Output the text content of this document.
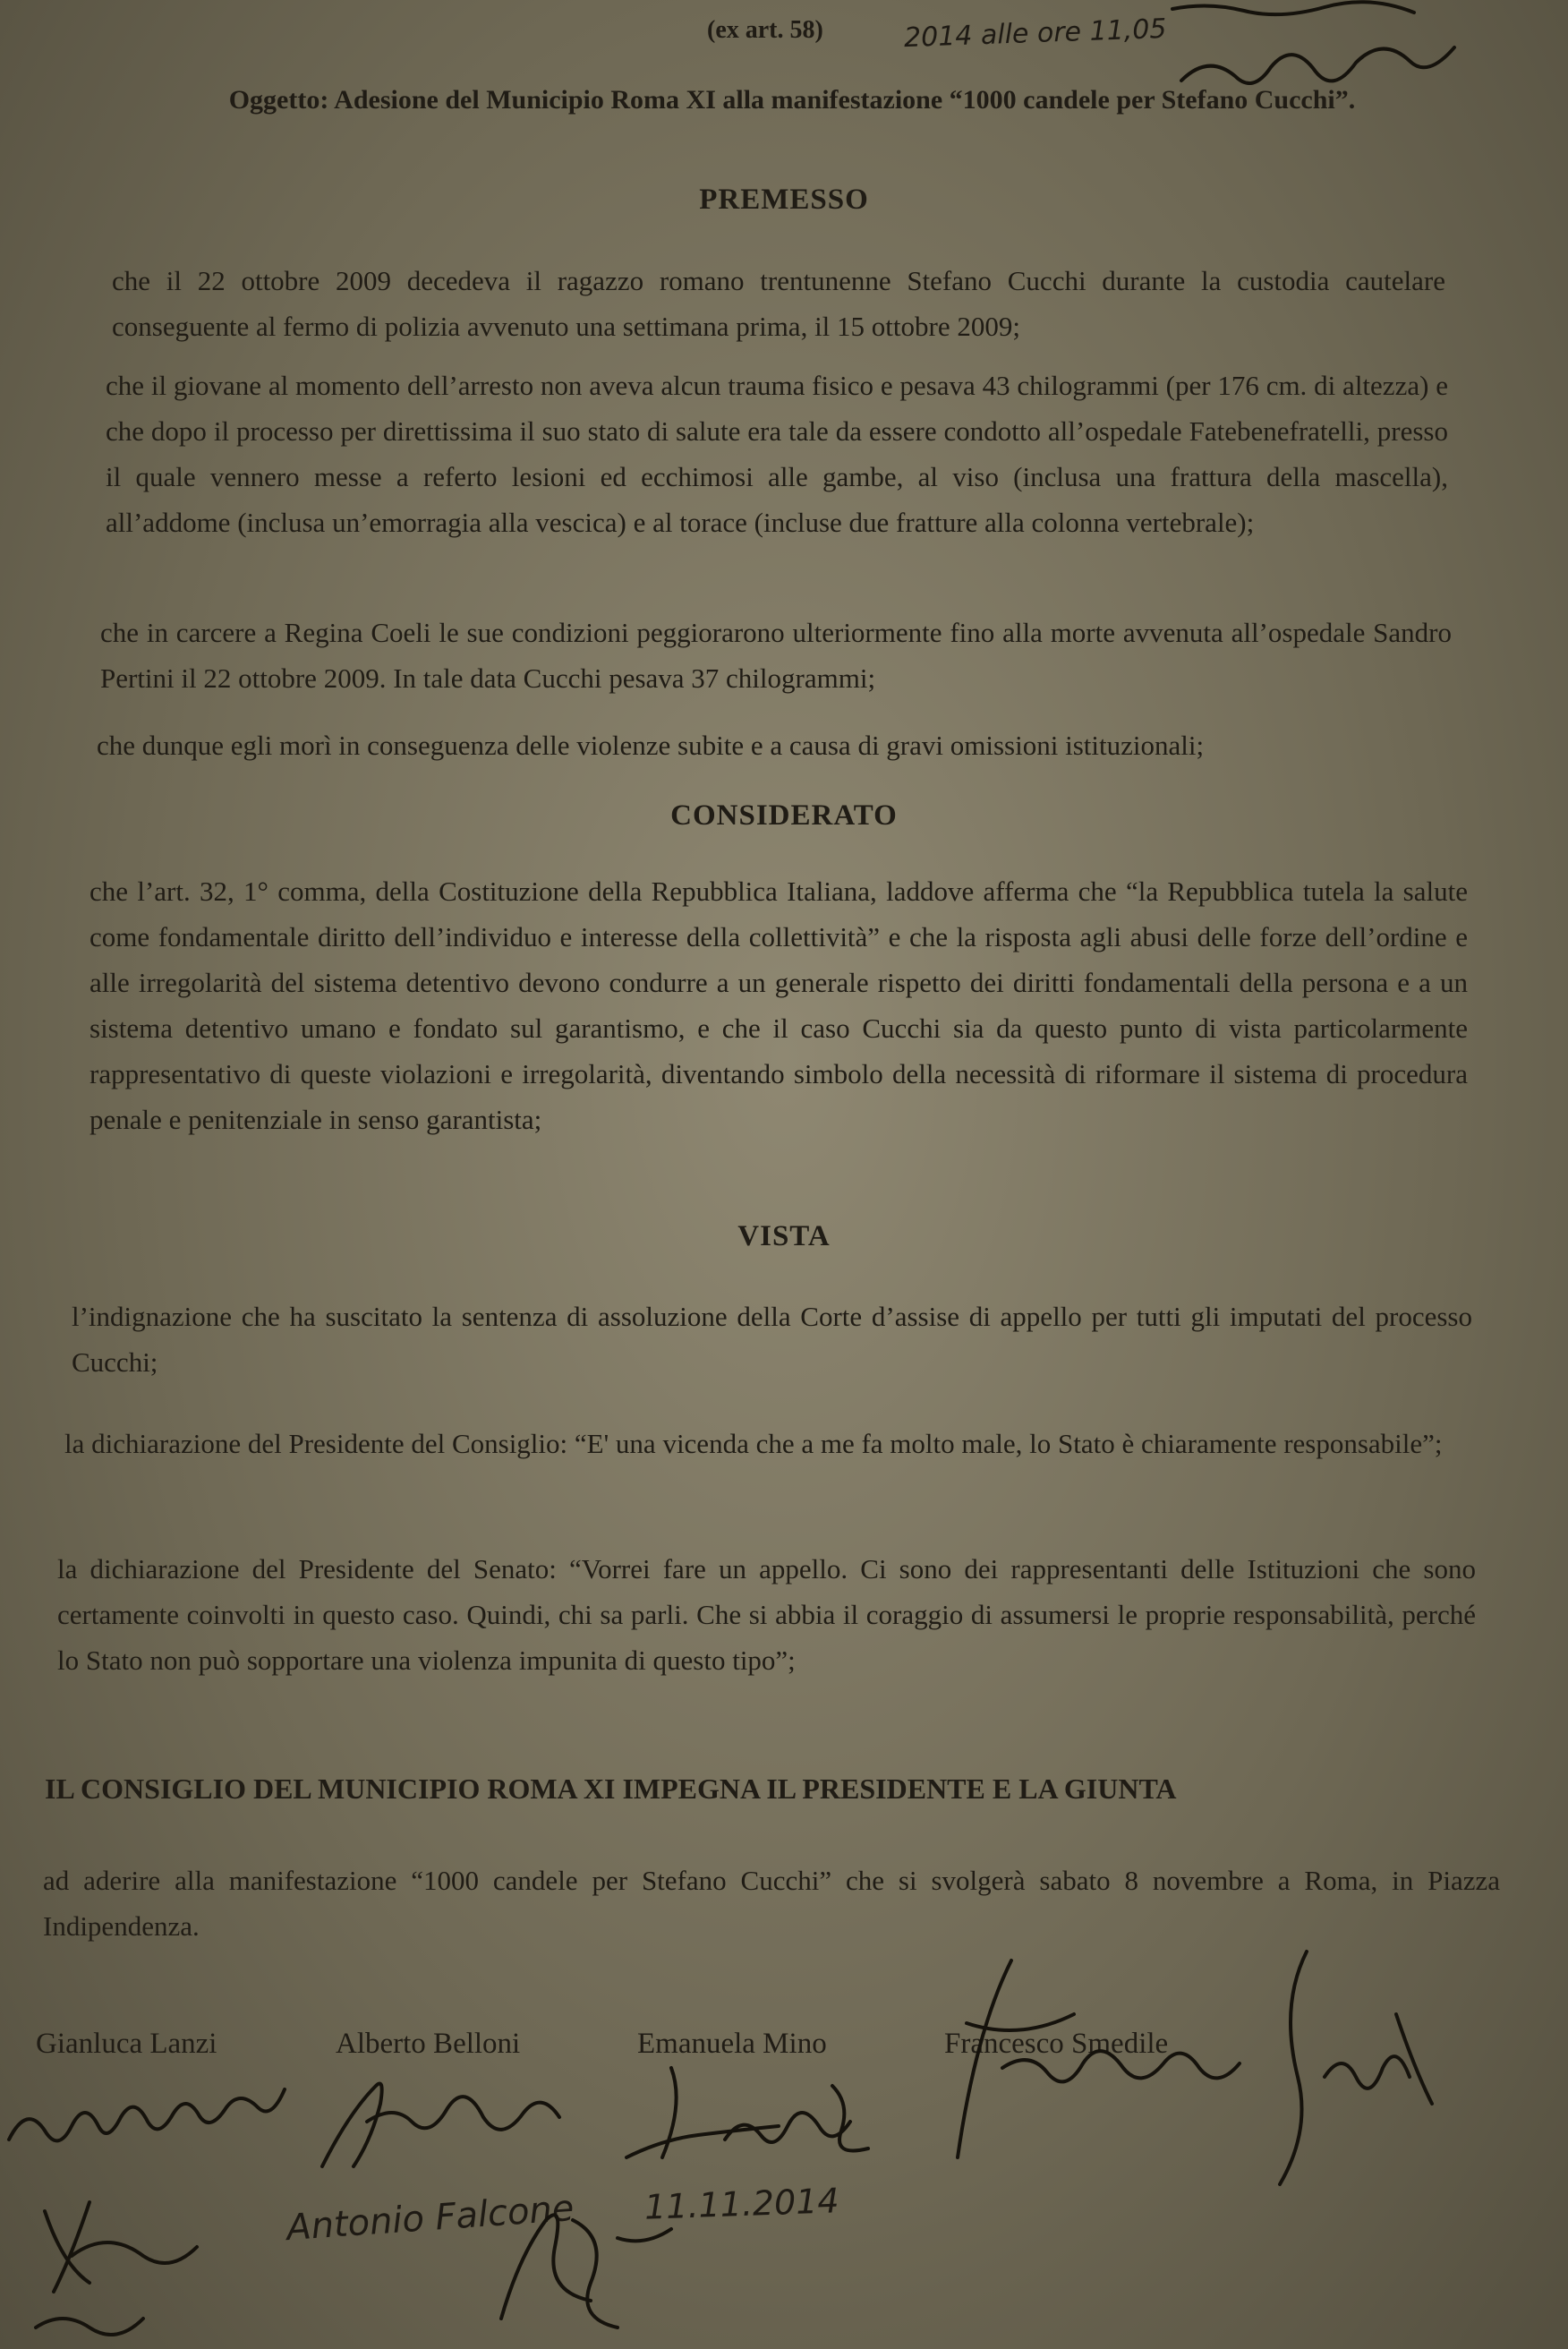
(ex art. 58)	2014 alle ore 11,05
Oggetto: Adesione del Municipio Roma XI alla manifestazione “1000 candele per Stefano Cucchi”.
PREMESSO
che il 22 ottobre 2009 decedeva il ragazzo romano trentunenne Stefano Cucchi durante la custodia cautelare conseguente al fermo di polizia avvenuto una settimana prima, il 15 ottobre 2009;
che il giovane al momento dell’arresto non aveva alcun trauma fisico e pesava 43 chilogrammi (per 176 cm. di altezza) e che dopo il processo per direttissima il suo stato di salute era tale da essere condotto all’ospedale Fatebenefratelli, presso il quale vennero messe a referto lesioni ed ecchimosi alle gambe, al viso (inclusa una frattura della mascella), all’addome (inclusa un’emorragia alla vescica) e al torace (incluse due fratture alla colonna vertebrale);
che in carcere a Regina Coeli le sue condizioni peggiorarono ulteriormente fino alla morte avvenuta all’ospedale Sandro Pertini il 22 ottobre 2009. In tale data Cucchi pesava 37 chilogrammi;
che dunque egli morì in conseguenza delle violenze subite e a causa di gravi omissioni istituzionali;
CONSIDERATO
che l’art. 32, 1° comma, della Costituzione della Repubblica Italiana, laddove afferma che “la Repubblica tutela la salute come fondamentale diritto dell’individuo e interesse della collettività” e che la risposta agli abusi delle forze dell’ordine e alle irregolarità del sistema detentivo devono condurre a un generale rispetto dei diritti fondamentali della persona e a un sistema detentivo umano e fondato sul garantismo, e che il caso Cucchi sia da questo punto di vista particolarmente rappresentativo di queste violazioni e irregolarità, diventando simbolo della necessità di riformare il sistema di procedura penale e penitenziale in senso garantista;
VISTA
l’indignazione che ha suscitato la sentenza di assoluzione della Corte d’assise di appello per tutti gli imputati del processo Cucchi;
la dichiarazione del Presidente del Consiglio: “E' una vicenda che a me fa molto male, lo Stato è chiaramente responsabile”;
la dichiarazione del Presidente del Senato: “Vorrei fare un appello. Ci sono dei rappresentanti delle Istituzioni che sono certamente coinvolti in questo caso. Quindi, chi sa parli. Che si abbia il coraggio di assumersi le proprie responsabilità, perché lo Stato non può sopportare una violenza impunita di questo tipo”;
IL CONSIGLIO DEL MUNICIPIO ROMA XI IMPEGNA IL PRESIDENTE E LA GIUNTA
ad aderire alla manifestazione “1000 candele per Stefano Cucchi” che si svolgerà sabato 8 novembre a Roma, in Piazza Indipendenza.
Gianluca Lanzi	Alberto Belloni	Emanuela Mino	Francesco Smedile
Antonio Falcone 11.11.2014
